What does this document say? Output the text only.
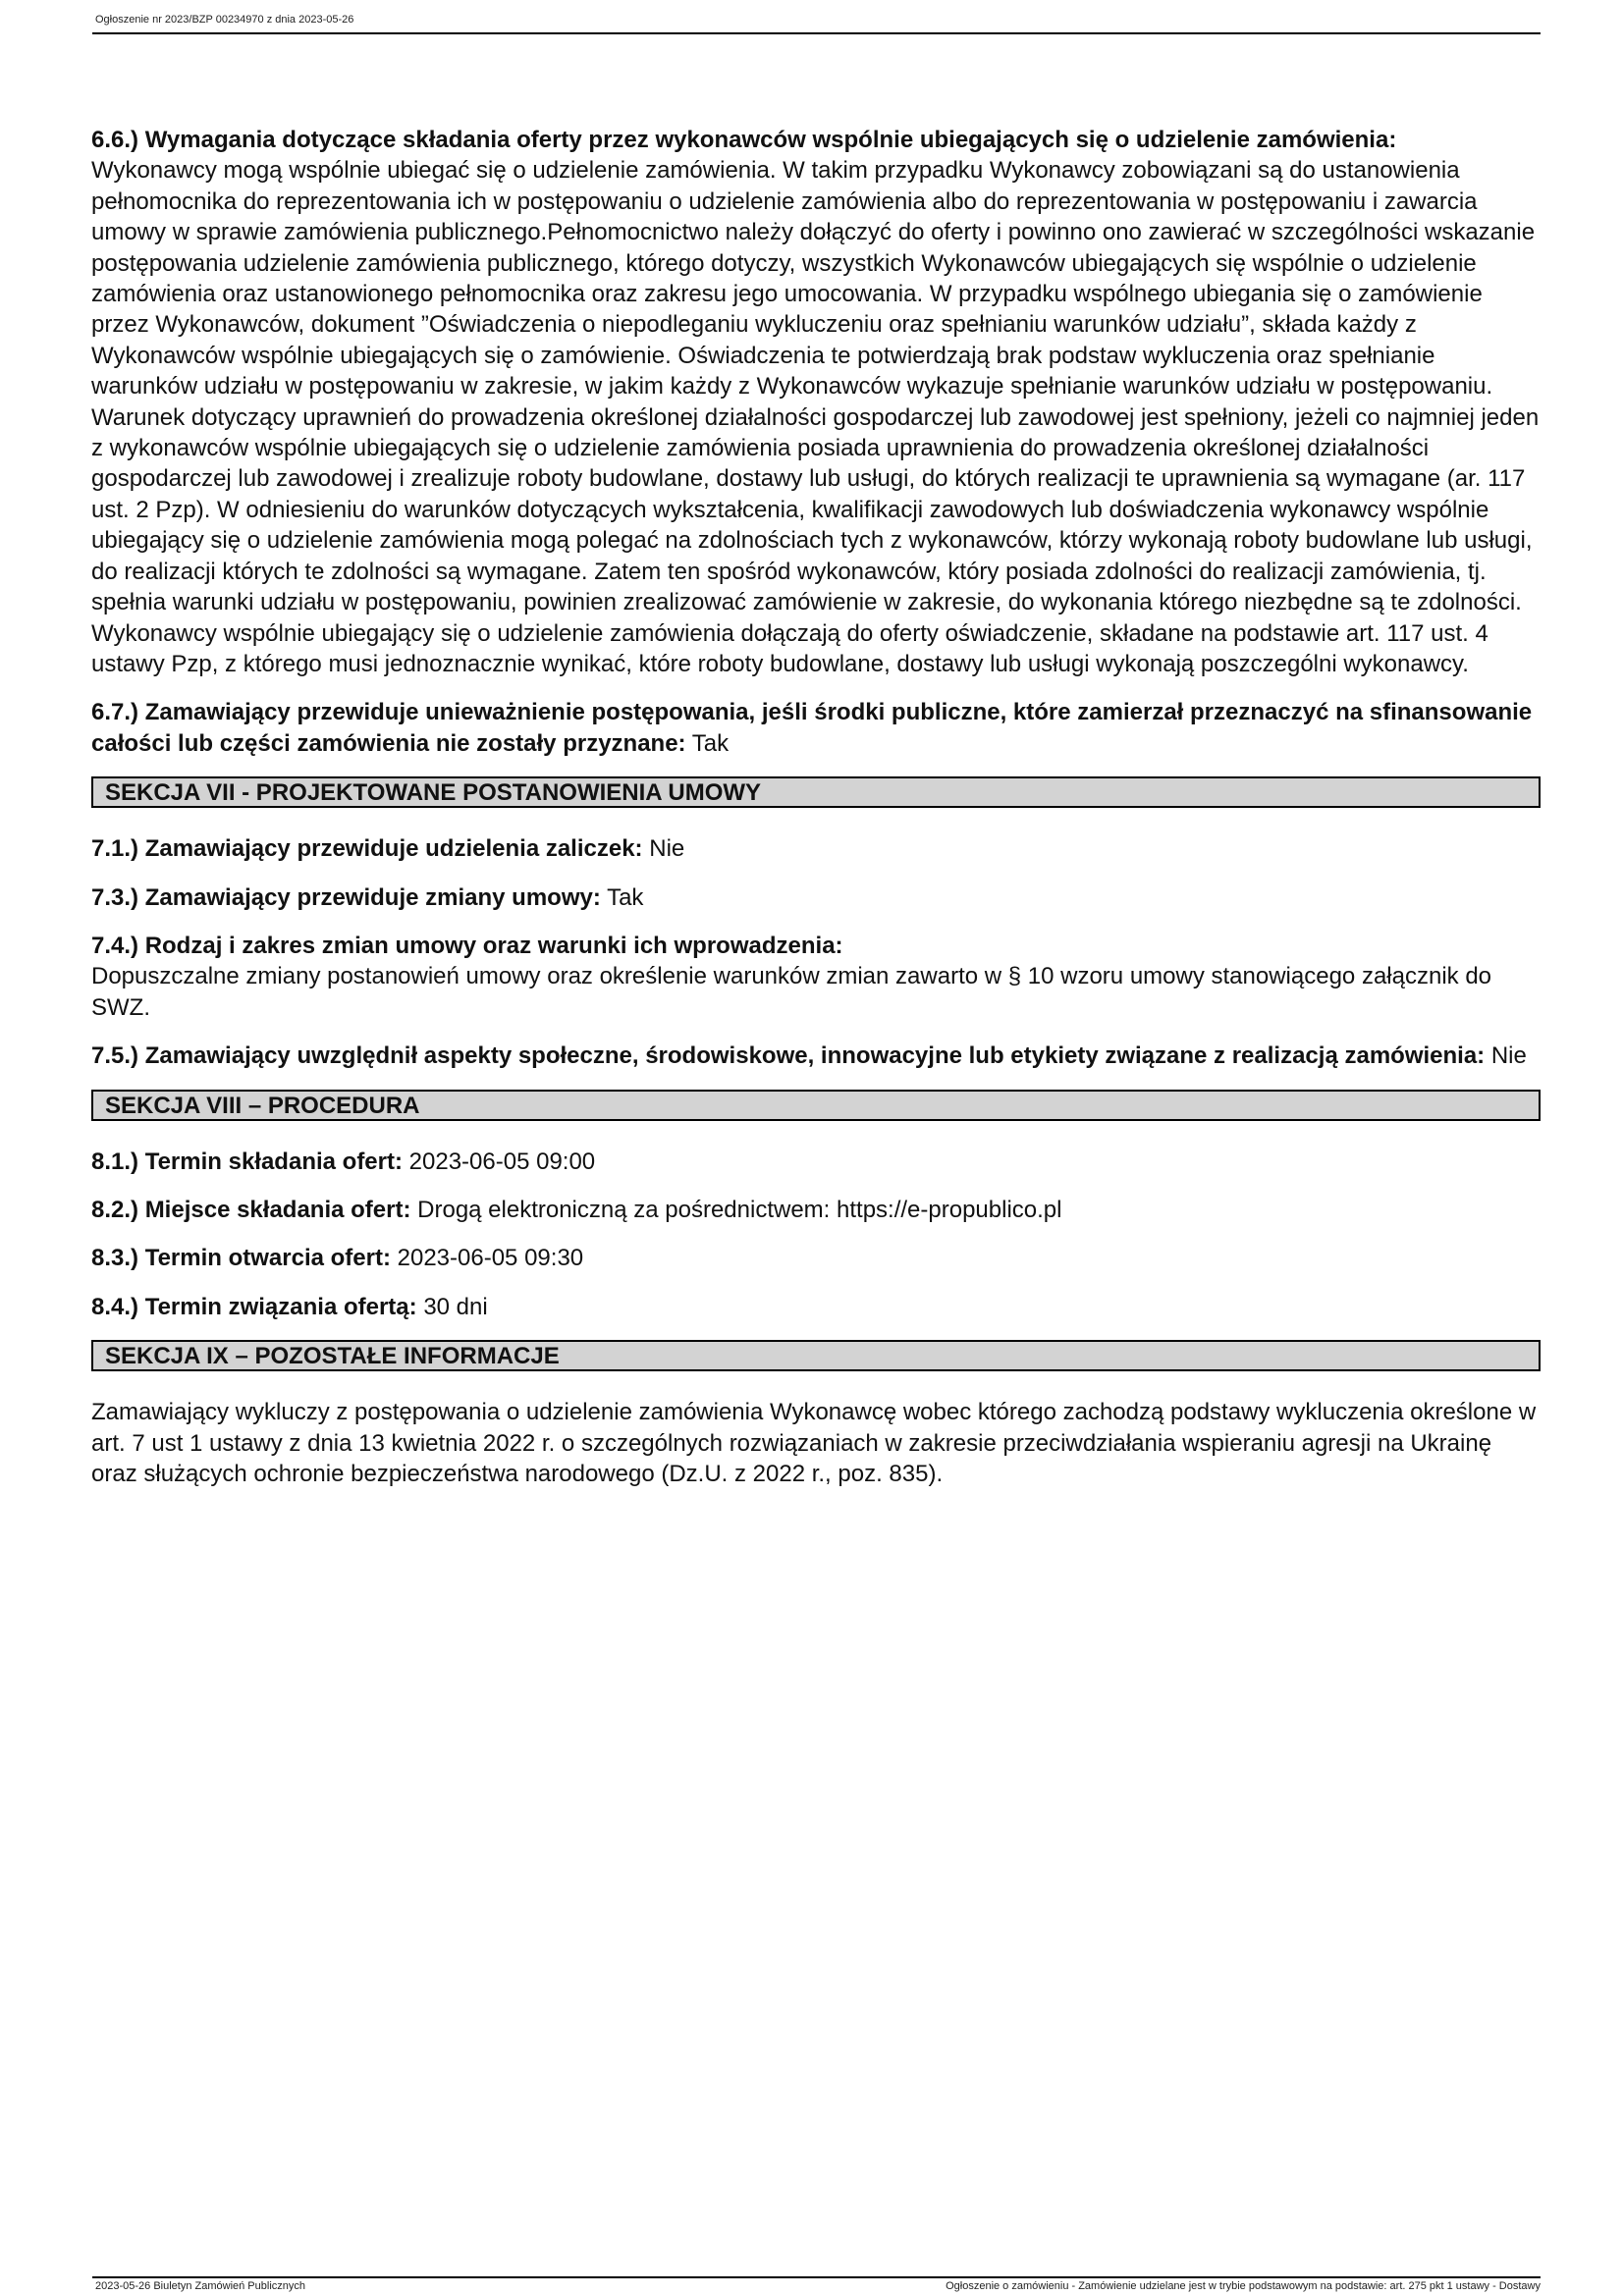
Ogłoszenie nr 2023/BZP 00234970 z dnia 2023-05-26
6.6.) Wymagania dotyczące składania oferty przez wykonawców wspólnie ubiegających się o udzielenie zamówienia:
Wykonawcy mogą wspólnie ubiegać się o udzielenie zamówienia. W takim przypadku Wykonawcy zobowiązani są do ustanowienia pełnomocnika do reprezentowania ich w postępowaniu o udzielenie zamówienia albo do reprezentowania w postępowaniu i zawarcia umowy w sprawie zamówienia publicznego.Pełnomocnictwo należy dołączyć do oferty i powinno ono zawierać w szczególności wskazanie postępowania udzielenie zamówienia publicznego, którego dotyczy, wszystkich Wykonawców ubiegających się wspólnie o udzielenie zamówienia oraz ustanowionego pełnomocnika oraz zakresu jego umocowania. W przypadku wspólnego ubiegania się o zamówienie przez Wykonawców, dokument ”Oświadczenia o niepodleganiu wykluczeniu oraz spełnianiu warunków udziału”, składa każdy z Wykonawców wspólnie ubiegających się o zamówienie. Oświadczenia te potwierdzają brak podstaw wykluczenia oraz spełnianie warunków udziału w postępowaniu w zakresie, w jakim każdy z Wykonawców wykazuje spełnianie warunków udziału w postępowaniu. Warunek dotyczący uprawnień do prowadzenia określonej działalności gospodarczej lub zawodowej jest spełniony, jeżeli co najmniej jeden z wykonawców wspólnie ubiegających się o udzielenie zamówienia posiada uprawnienia do prowadzenia określonej działalności gospodarczej lub zawodowej i zrealizuje roboty budowlane, dostawy lub usługi, do których realizacji te uprawnienia są wymagane (ar. 117 ust. 2 Pzp). W odniesieniu do warunków dotyczących wykształcenia, kwalifikacji zawodowych lub doświadczenia wykonawcy wspólnie ubiegający się o udzielenie zamówienia mogą polegać na zdolnościach tych z wykonawców, którzy wykonają roboty budowlane lub usługi, do realizacji których te zdolności są wymagane. Zatem ten spośród wykonawców, który posiada zdolności do realizacji zamówienia, tj. spełnia warunki udziału w postępowaniu, powinien zrealizować zamówienie w zakresie, do wykonania którego niezbędne są te zdolności. Wykonawcy wspólnie ubiegający się o udzielenie zamówienia dołączają do oferty oświadczenie, składane na podstawie art. 117 ust. 4 ustawy Pzp, z którego musi jednoznacznie wynikać, które roboty budowlane, dostawy lub usługi wykonają poszczególni wykonawcy.
6.7.) Zamawiający przewiduje unieważnienie postępowania, jeśli środki publiczne, które zamierzał przeznaczyć na sfinansowanie całości lub części zamówienia nie zostały przyznane: Tak
SEKCJA VII - PROJEKTOWANE POSTANOWIENIA UMOWY
7.1.) Zamawiający przewiduje udzielenia zaliczek: Nie
7.3.) Zamawiający przewiduje zmiany umowy: Tak
7.4.) Rodzaj i zakres zmian umowy oraz warunki ich wprowadzenia:
Dopuszczalne zmiany postanowień umowy oraz określenie warunków zmian zawarto w § 10 wzoru umowy stanowiącego załącznik do SWZ.
7.5.) Zamawiający uwzględnił aspekty społeczne, środowiskowe, innowacyjne lub etykiety związane z realizacją zamówienia: Nie
SEKCJA VIII – PROCEDURA
8.1.) Termin składania ofert: 2023-06-05 09:00
8.2.) Miejsce składania ofert: Drogą elektroniczną za pośrednictwem: https://e-propublico.pl
8.3.) Termin otwarcia ofert: 2023-06-05 09:30
8.4.) Termin związania ofertą: 30 dni
SEKCJA IX – POZOSTAŁE INFORMACJE

Zamawiający wykluczy z postępowania o udzielenie zamówienia Wykonawcę wobec którego zachodzą podstawy wykluczenia określone w art. 7 ust 1 ustawy z dnia 13 kwietnia 2022 r. o szczególnych rozwiązaniach w zakresie przeciwdziałania wspieraniu agresji na Ukrainę oraz służących ochronie bezpieczeństwa narodowego (Dz.U. z 2022 r., poz. 835).

2023-05-26 Biuletyn Zamówień Publicznych	Ogłoszenie o zamówieniu - Zamówienie udzielane jest w trybie podstawowym na podstawie: art. 275 pkt 1 ustawy - Dostawy
